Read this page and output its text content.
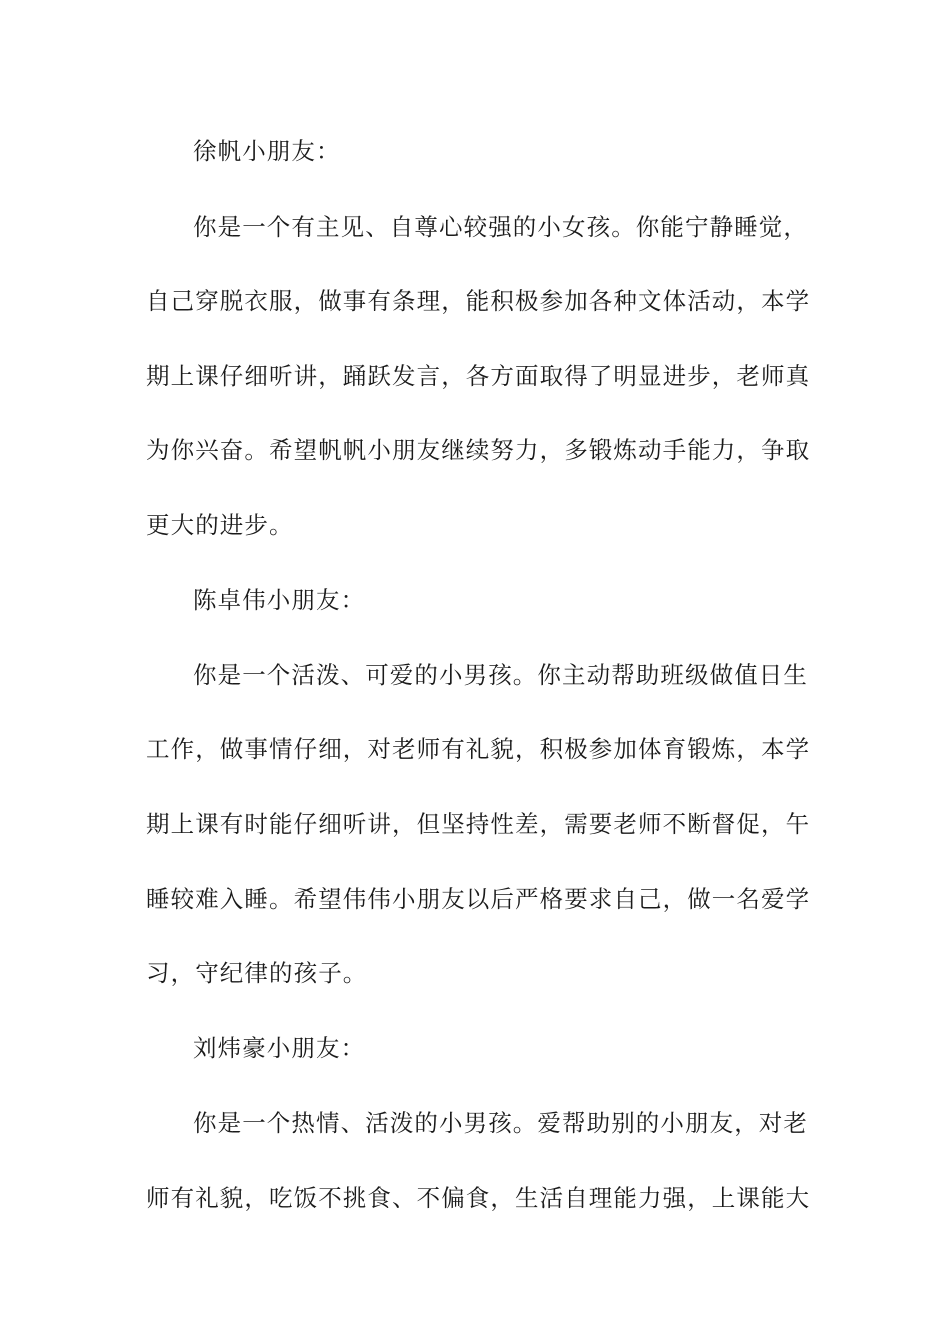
徐帆小朋友：
你是一个有主见、自尊心较强的小女孩。你能宁静睡觉，
自己穿脱衣服，做事有条理，能积极参加各种文体活动，本学
期上课仔细听讲，踊跃发言，各方面取得了明显进步，老师真
为你兴奋。希望帆帆小朋友继续努力，多锻炼动手能力，争取
更大的进步。
陈卓伟小朋友：
你是一个活泼、可爱的小男孩。你主动帮助班级做值日生
工作，做事情仔细，对老师有礼貌，积极参加体育锻炼，本学
期上课有时能仔细听讲，但坚持性差，需要老师不断督促，午
睡较难入睡。希望伟伟小朋友以后严格要求自己，做一名爱学
习，守纪律的孩子。
刘炜豪小朋友：
你是一个热情、活泼的小男孩。爱帮助别的小朋友，对老
师有礼貌，吃饭不挑食、不偏食，生活自理能力强，上课能大
